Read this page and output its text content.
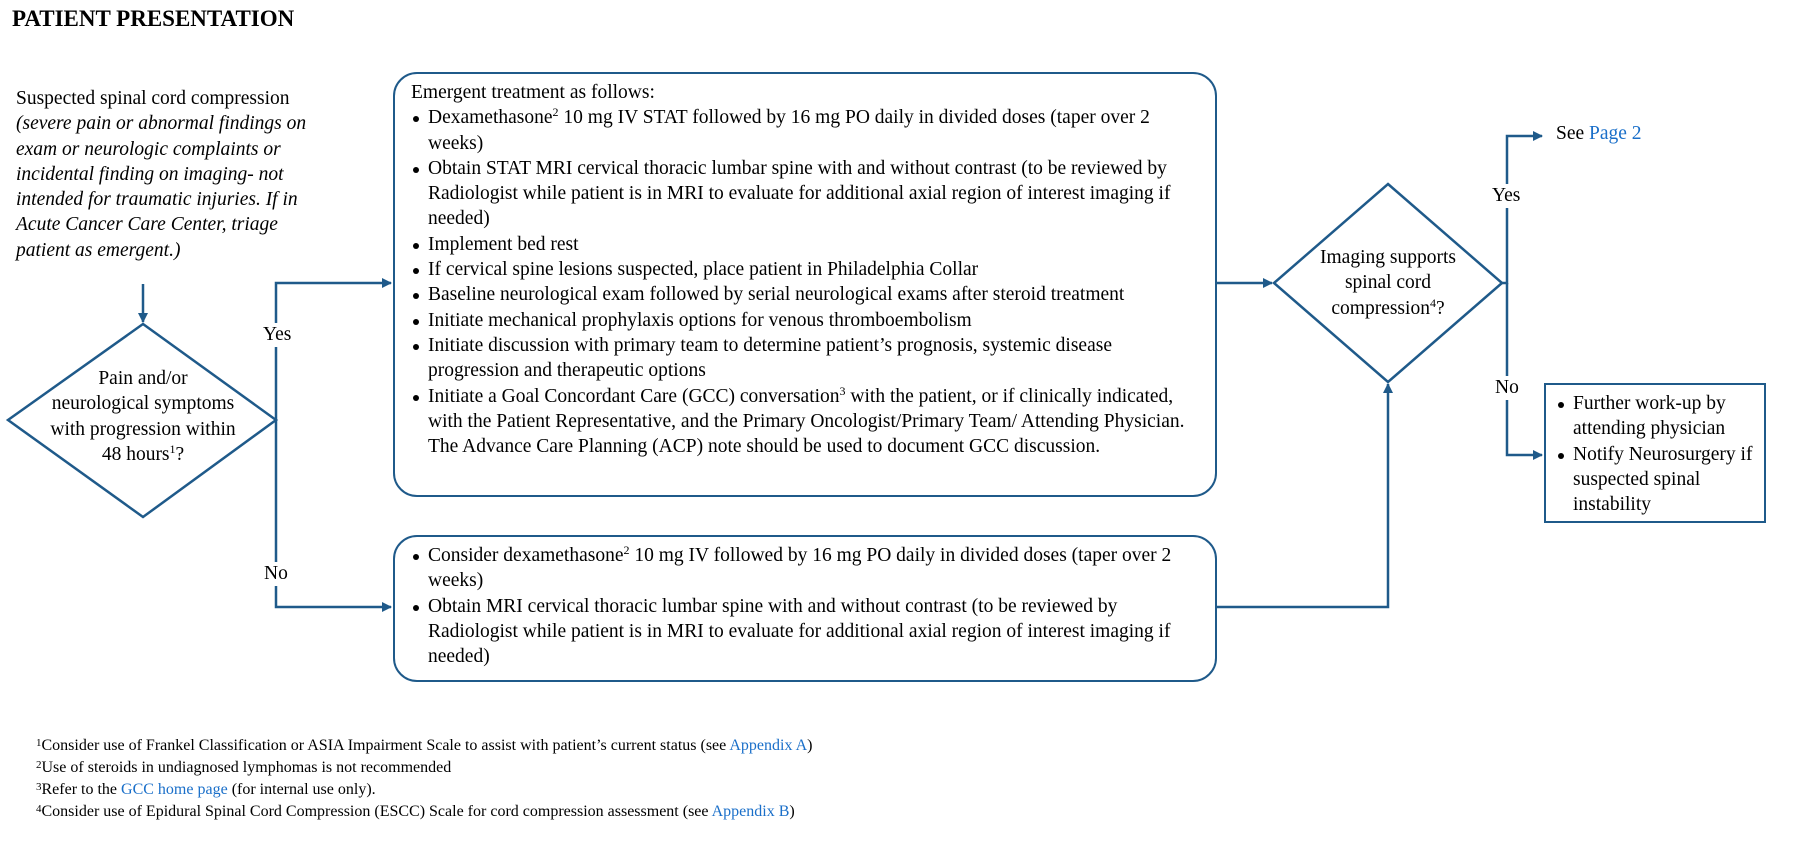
PATIENT PRESENTATION
Suspected spinal cord compression (severe pain or abnormal findings on exam or neurologic complaints or incidental finding on imaging- not intended for traumatic injuries. If in Acute Cancer Care Center, triage patient as emergent.)
Pain and/or neurological symptoms with progression within 48 hours$^1$?
Yes
No
Emergent treatment as follows:
Dexamethasone$^2$ 10 mg IV STAT followed by 16 mg PO daily in divided doses (taper over 2 weeks)
Obtain STAT MRI cervical thoracic lumbar spine with and without contrast (to be reviewed by Radiologist while patient is in MRI to evaluate for additional axial region of interest imaging if needed)
Implement bed rest
If cervical spine lesions suspected, place patient in Philadelphia Collar
Baseline neurological exam followed by serial neurological exams after steroid treatment
Initiate mechanical prophylaxis options for venous thromboembolism
Initiate discussion with primary team to determine patient’s prognosis, systemic disease progression and therapeutic options
Initiate a Goal Concordant Care (GCC) conversation$^3$ with the patient, or if clinically indicated, with the Patient Representative, and the Primary Oncologist/Primary Team/ Attending Physician. The Advance Care Planning (ACP) note should be used to document GCC discussion.
Consider dexamethasone$^2$ 10 mg IV followed by 16 mg PO daily in divided doses (taper over 2 weeks)
Obtain MRI cervical thoracic lumbar spine with and without contrast (to be reviewed by Radiologist while patient is in MRI to evaluate for additional axial region of interest imaging if needed)
Imaging supports spinal cord compression$^4$?
Yes
No
See Page 2
Further work-up by attending physician
Notify Neurosurgery if suspected spinal instability
$^1$Consider use of Frankel Classification or ASIA Impairment Scale to assist with patient’s current status (see Appendix A)
$^2$Use of steroids in undiagnosed lymphomas is not recommended
$^3$Refer to the GCC home page (for internal use only).
$^4$Consider use of Epidural Spinal Cord Compression (ESCC) Scale for cord compression assessment (see Appendix B)
